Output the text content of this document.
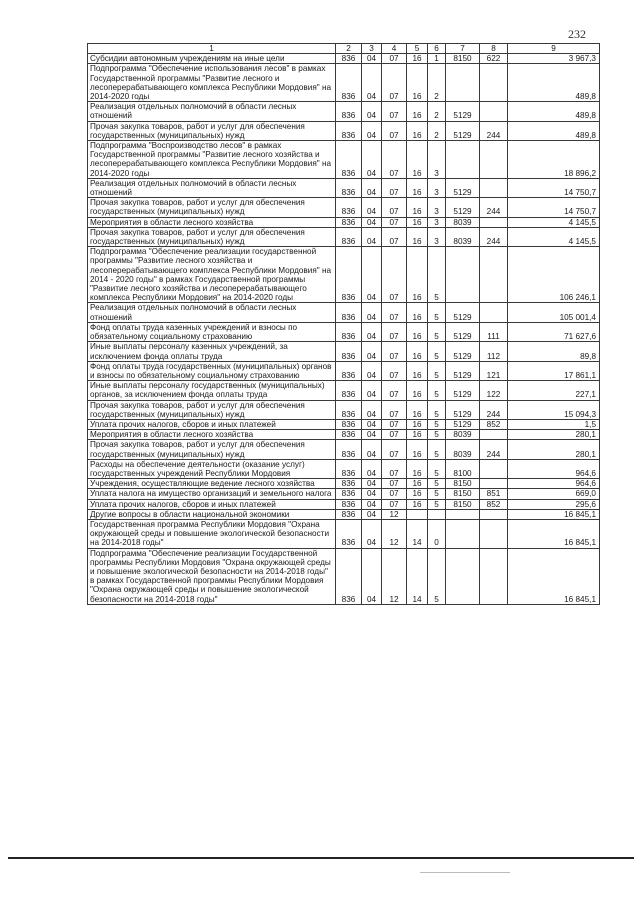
232
1	2	3	4	5	6	7	8	9
Субсидии автономным учреждениям на иные цели	836	04	07	16	1	8150	622	3 967,3
Подпрограмма "Обеспечение использования лесов" в рамках Государственной программы "Развитие лесного и лесоперерабатывающего комплекса Республики Мордовия" на 2014-2020 годы	836	04	07	16	2			489,8
Реализация отдельных полномочий в области лесных отношений	836	04	07	16	2	5129		489,8
Прочая закупка товаров, работ и услуг для обеспечения государственных (муниципальных) нужд	836	04	07	16	2	5129	244	489,8
Подпрограмма "Воспроизводство лесов" в рамках Государственной программы "Развитие лесного хозяйства и лесоперерабатывающего комплекса Республики Мордовия" на 2014-2020 годы	836	04	07	16	3			18 896,2
Реализация отдельных полномочий в области лесных отношений	836	04	07	16	3	5129		14 750,7
Прочая закупка товаров, работ и услуг для обеспечения государственных (муниципальных) нужд	836	04	07	16	3	5129	244	14 750,7
Мероприятия в области лесного хозяйства	836	04	07	16	3	8039		4 145,5
Прочая закупка товаров, работ и услуг для обеспечения государственных (муниципальных) нужд	836	04	07	16	3	8039	244	4 145,5
Подпрограмма "Обеспечение реализации государственной программы "Развитие лесного хозяйства и лесоперерабатывающего комплекса Республики Мордовия" на 2014 - 2020 годы" в рамках Государственной программы "Развитие лесного хозяйства и лесоперерабатывающего комплекса Республики Мордовия" на 2014-2020 годы	836	04	07	16	5			106 246,1
Реализация отдельных полномочий в области лесных отношений	836	04	07	16	5	5129		105 001,4
Фонд оплаты труда казенных учреждений и взносы по обязательному социальному страхованию	836	04	07	16	5	5129	111	71 627,6
Иные выплаты персоналу казенных учреждений, за исключением фонда оплаты труда	836	04	07	16	5	5129	112	89,8
Фонд оплаты труда государственных (муниципальных) органов и взносы по обязательному социальному страхованию	836	04	07	16	5	5129	121	17 861,1
Иные выплаты персоналу государственных (муниципальных) органов, за исключением фонда оплаты труда	836	04	07	16	5	5129	122	227,1
Прочая закупка товаров, работ и услуг для обеспечения государственных (муниципальных) нужд	836	04	07	16	5	5129	244	15 094,3
Уплата прочих налогов, сборов и иных платежей	836	04	07	16	5	5129	852	1,5
Мероприятия в области лесного хозяйства	836	04	07	16	5	8039		280,1
Прочая закупка товаров, работ и услуг для обеспечения государственных (муниципальных) нужд	836	04	07	16	5	8039	244	280,1
Расходы на обеспечение деятельности (оказание услуг) государственных учреждений Республики Мордовия	836	04	07	16	5	8100		964,6
Учреждения, осуществляющие ведение лесного хозяйства	836	04	07	16	5	8150		964,6
Уплата налога на имущество организаций и земельного налога	836	04	07	16	5	8150	851	669,0
Уплата прочих налогов, сборов и иных платежей	836	04	07	16	5	8150	852	295,6
Другие вопросы в области национальной экономики	836	04	12					16 845,1
Государственная программа Республики Мордовия "Охрана окружающей среды и повышение экологической безопасности на 2014-2018 годы"	836	04	12	14	0			16 845,1
Подпрограмма "Обеспечение реализации Государственной программы Республики Мордовия "Охрана окружающей среды и повышение экологической безопасности на 2014-2018 годы" в рамках Государственной программы Республики Мордовия "Охрана окружающей среды и повышение экологической безопасности на 2014-2018 годы"	836	04	12	14	5			16 845,1
